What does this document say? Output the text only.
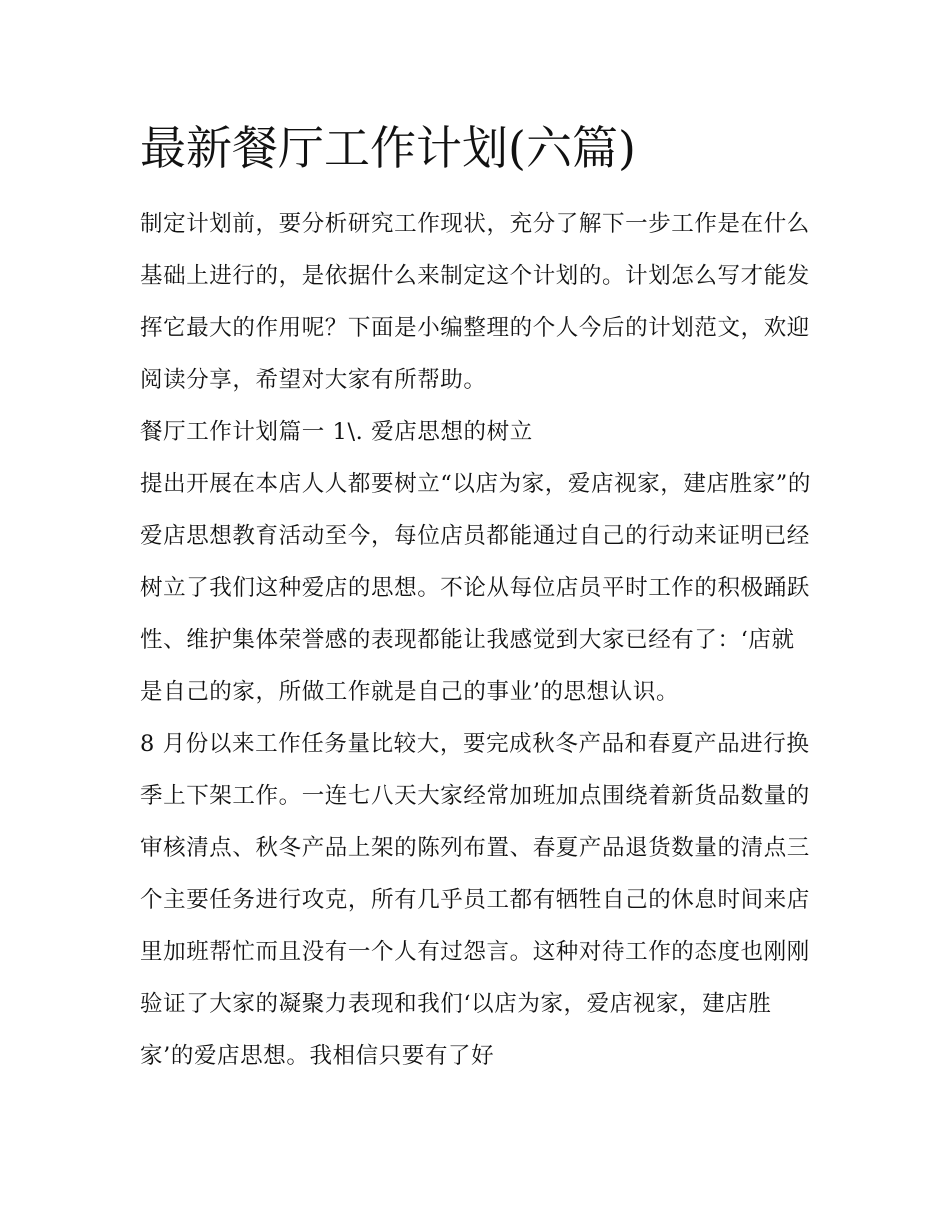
最新餐厅工作计划(六篇)

制定计划前，要分析研究工作现状，充分了解下一步工作是在什么基础上进行的，是依据什么来制定这个计划的。计划怎么写才能发挥它最大的作用呢？下面是小编整理的个人今后的计划范文，欢迎阅读分享，希望对大家有所帮助。

餐厅工作计划篇一 1\. 爱店思想的树立

提出开展在本店人人都要树立“以店为家，爱店视家，建店胜家”的爱店思想教育活动至今，每位店员都能通过自己的行动来证明已经树立了我们这种爱店的思想。不论从每位店员平时工作的积极踊跃性、维护集体荣誉感的表现都能让我感觉到大家已经有了：‘店就是自己的家，所做工作就是自己的事业’的思想认识。

8 月份以来工作任务量比较大，要完成秋冬产品和春夏产品进行换季上下架工作。一连七八天大家经常加班加点围绕着新货品数量的审核清点、秋冬产品上架的陈列布置、春夏产品退货数量的清点三个主要任务进行攻克，所有几乎员工都有牺牲自己的休息时间来店里加班帮忙而且没有一个人有过怨言。这种对待工作的态度也刚刚验证了大家的凝聚力表现和我们‘以店为家，爱店视家，建店胜家’的爱店思想。我相信只要有了好
